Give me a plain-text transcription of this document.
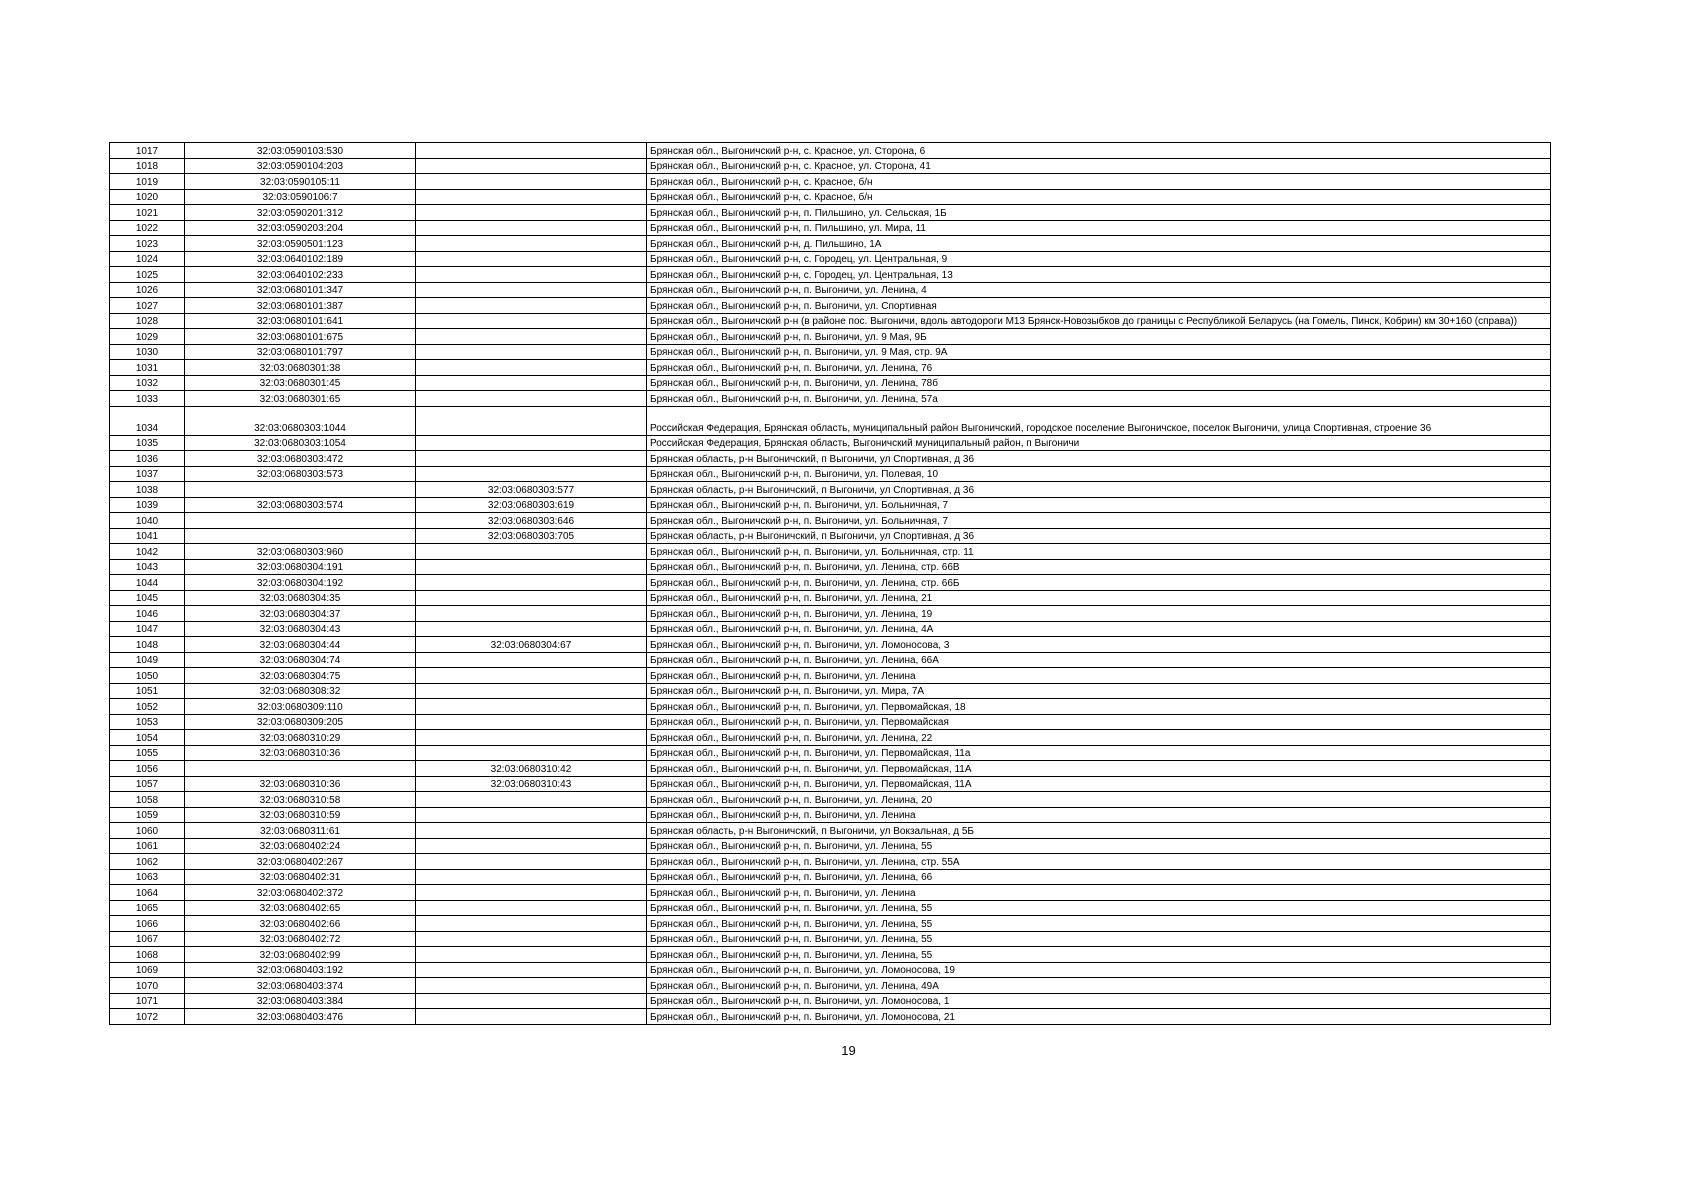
1017	32:03:0590103:530		Брянская обл., Выгоничский р-н, с. Красное, ул. Сторона, 6
1018	32:03:0590104:203		Брянская обл., Выгоничский р-н, с. Красное, ул. Сторона, 41
1019	32:03:0590105:11		Брянская обл., Выгоничский р-н, с. Красное, б/н
1020	32:03:0590106:7		Брянская обл., Выгоничский р-н, с. Красное, б/н
1021	32:03:0590201:312		Брянская обл., Выгоничский р-н, п. Пильшино, ул. Сельская, 1Б
1022	32:03:0590203:204		Брянская обл., Выгоничский р-н, п. Пильшино, ул. Мира, 11
1023	32:03:0590501:123		Брянская обл., Выгоничский р-н, д. Пильшино, 1А
1024	32:03:0640102:189		Брянская обл., Выгоничский р-н, с. Городец, ул. Центральная, 9
1025	32:03:0640102:233		Брянская обл., Выгоничский р-н, с. Городец, ул. Центральная, 13
1026	32:03:0680101:347		Брянская обл., Выгоничский р-н, п. Выгоничи, ул. Ленина, 4
1027	32:03:0680101:387		Брянская обл., Выгоничский р-н, п. Выгоничи, ул. Спортивная
1028	32:03:0680101:641		Брянская обл., Выгоничский р-н (в районе пос. Выгоничи, вдоль автодороги М13 Брянск-Новозыбков до границы с Республикой Беларусь (на Гомель, Пинск, Кобрин) км 30+160 (справа))
1029	32:03:0680101:675		Брянская обл., Выгоничский р-н, п. Выгоничи, ул. 9 Мая, 9Б
1030	32:03:0680101:797		Брянская обл., Выгоничский р-н, п. Выгоничи, ул. 9 Мая, стр. 9А
1031	32:03:0680301:38		Брянская обл., Выгоничский р-н, п. Выгоничи, ул. Ленина, 76
1032	32:03:0680301:45		Брянская обл., Выгоничский р-н, п. Выгоничи, ул. Ленина, 78б
1033	32:03:0680301:65		Брянская обл., Выгоничский р-н, п. Выгоничи, ул. Ленина, 57а
1034	32:03:0680303:1044		Российская Федерация, Брянская область, муниципальный район Выгоничский, городское поселение Выгоничское, поселок Выгоничи, улица Спортивная, строение 36
1035	32:03:0680303:1054		Российская Федерация, Брянская область, Выгоничский муниципальный район, п Выгоничи
1036	32:03:0680303:472		Брянская область, р-н Выгоничский, п Выгоничи, ул Спортивная, д 36
1037	32:03:0680303:573		Брянская обл., Выгоничский р-н, п. Выгоничи, ул. Полевая, 10
1038		32:03:0680303:577	Брянская область, р-н Выгоничский, п Выгоничи, ул Спортивная, д 36
1039	32:03:0680303:574	32:03:0680303:619	Брянская обл., Выгоничский р-н, п. Выгоничи, ул. Больничная, 7
1040		32:03:0680303:646	Брянская обл., Выгоничский р-н, п. Выгоничи, ул. Больничная, 7
1041		32:03:0680303:705	Брянская область, р-н Выгоничский, п Выгоничи, ул Спортивная, д 36
1042	32:03:0680303:960		Брянская обл., Выгоничский р-н, п. Выгоничи, ул. Больничная, стр. 11
1043	32:03:0680304:191		Брянская обл., Выгоничский р-н, п. Выгоничи, ул. Ленина, стр. 66В
1044	32:03:0680304:192		Брянская обл., Выгоничский р-н, п. Выгоничи, ул. Ленина, стр. 66Б
1045	32:03:0680304:35		Брянская обл., Выгоничский р-н, п. Выгоничи, ул. Ленина, 21
1046	32:03:0680304:37		Брянская обл., Выгоничский р-н, п. Выгоничи, ул. Ленина, 19
1047	32:03:0680304:43		Брянская обл., Выгоничский р-н, п. Выгоничи, ул. Ленина, 4А
1048	32:03:0680304:44	32:03:0680304:67	Брянская обл., Выгоничский р-н, п. Выгоничи, ул. Ломоносова, 3
1049	32:03:0680304:74		Брянская обл., Выгоничский р-н, п. Выгоничи, ул. Ленина, 66А
1050	32:03:0680304:75		Брянская обл., Выгоничский р-н, п. Выгоничи, ул. Ленина
1051	32:03:0680308:32		Брянская обл., Выгоничский р-н, п. Выгоничи, ул. Мира, 7А
1052	32:03:0680309:110		Брянская обл., Выгоничский р-н, п. Выгоничи, ул. Первомайская, 18
1053	32:03:0680309:205		Брянская обл., Выгоничский р-н, п. Выгоничи, ул. Первомайская
1054	32:03:0680310:29		Брянская обл., Выгоничский р-н, п. Выгоничи, ул. Ленина, 22
1055	32:03:0680310:36		Брянская обл., Выгоничский р-н, п. Выгоничи, ул. Первомайская, 11а
1056		32:03:0680310:42	Брянская обл., Выгоничский р-н, п. Выгоничи, ул. Первомайская, 11А
1057	32:03:0680310:36	32:03:0680310:43	Брянская обл., Выгоничский р-н, п. Выгоничи, ул. Первомайская, 11А
1058	32:03:0680310:58		Брянская обл., Выгоничский р-н, п. Выгоничи, ул. Ленина, 20
1059	32:03:0680310:59		Брянская обл., Выгоничский р-н, п. Выгоничи, ул. Ленина
1060	32:03:0680311:61		Брянская область, р-н Выгоничский, п Выгоничи, ул Вокзальная, д 5Б
1061	32:03:0680402:24		Брянская обл., Выгоничский р-н, п. Выгоничи, ул. Ленина, 55
1062	32:03:0680402:267		Брянская обл., Выгоничский р-н, п. Выгоничи, ул. Ленина, стр. 55А
1063	32:03:0680402:31		Брянская обл., Выгоничский р-н, п. Выгоничи, ул. Ленина, 66
1064	32:03:0680402:372		Брянская обл., Выгоничский р-н, п. Выгоничи, ул. Ленина
1065	32:03:0680402:65		Брянская обл., Выгоничский р-н, п. Выгоничи, ул. Ленина, 55
1066	32:03:0680402:66		Брянская обл., Выгоничский р-н, п. Выгоничи, ул. Ленина, 55
1067	32:03:0680402:72		Брянская обл., Выгоничский р-н, п. Выгоничи, ул. Ленина, 55
1068	32:03:0680402:99		Брянская обл., Выгоничский р-н, п. Выгоничи, ул. Ленина, 55
1069	32:03:0680403:192		Брянская обл., Выгоничский р-н, п. Выгоничи, ул. Ломоносова, 19
1070	32:03:0680403:374		Брянская обл., Выгоничский р-н, п. Выгоничи, ул. Ленина, 49А
1071	32:03:0680403:384		Брянская обл., Выгоничский р-н, п. Выгоничи, ул. Ломоносова, 1
1072	32:03:0680403:476		Брянская обл., Выгоничский р-н, п. Выгоничи, ул. Ломоносова, 21
19
